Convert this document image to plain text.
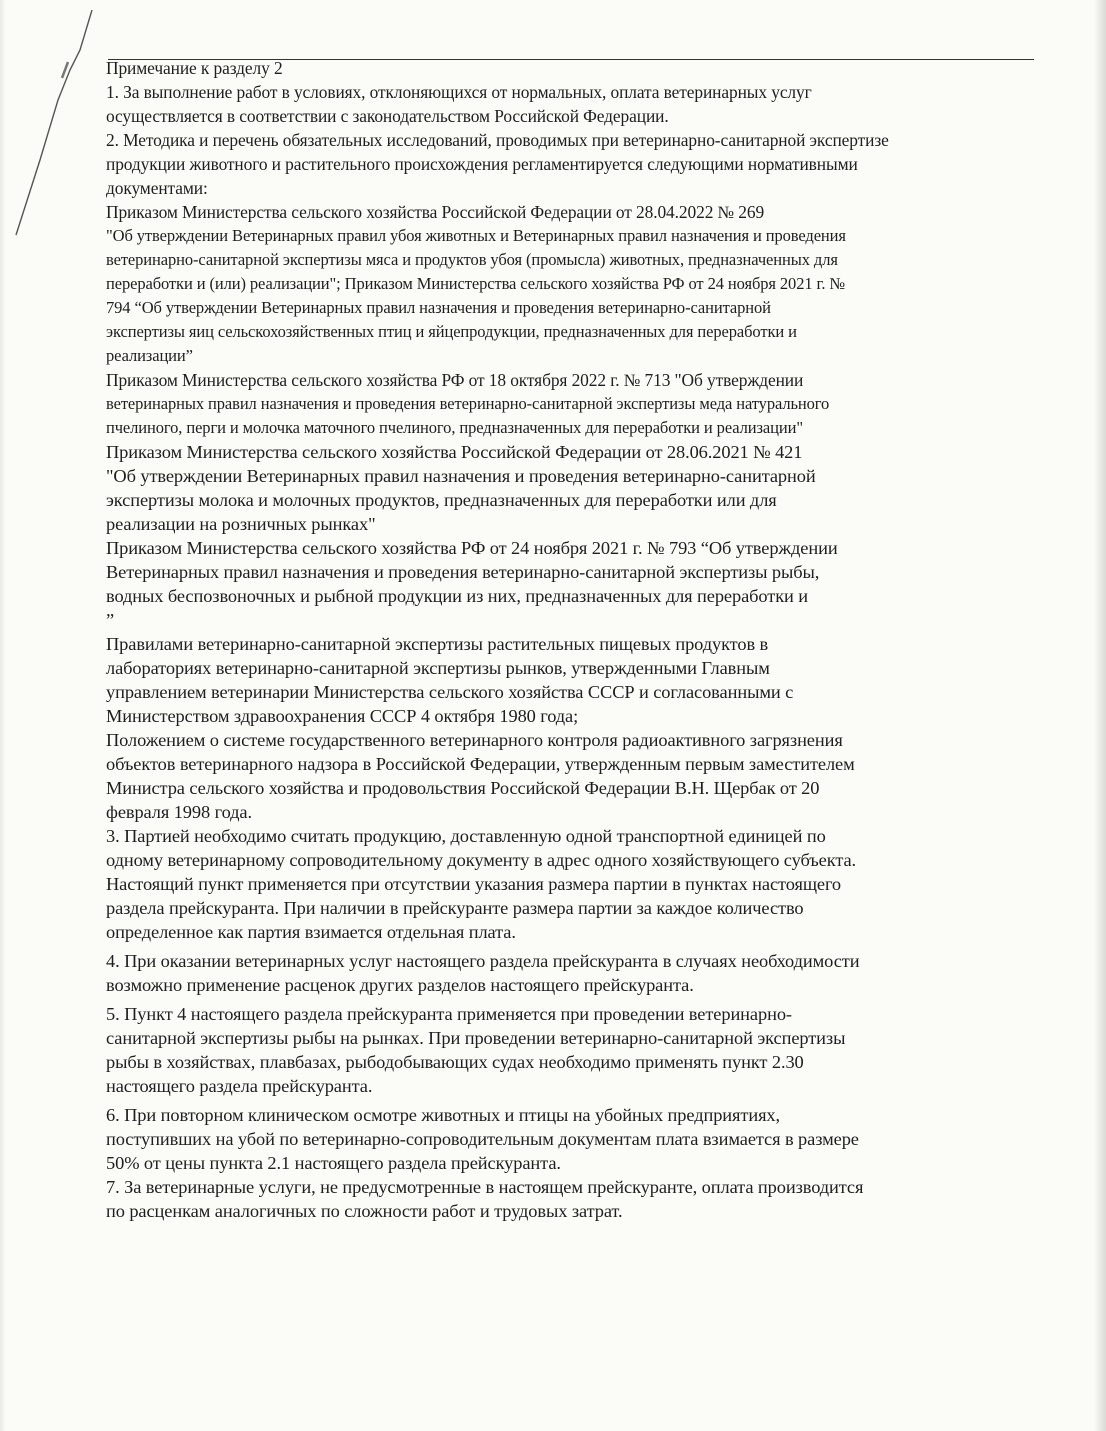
Примечание к разделу 2
1. За выполнение работ в условиях, отклоняющихся от нормальных, оплата ветеринарных услуг
осуществляется в соответствии с законодательством Российской Федерации.
2. Методика и перечень обязательных исследований, проводимых при ветеринарно-санитарной экспертизе
продукции животного и растительного происхождения регламентируется следующими нормативными
документами:
Приказом Министерства сельского хозяйства Российской Федерации от 28.04.2022 № 269
"Об утверждении Ветеринарных правил убоя животных и Ветеринарных правил назначения и проведения
ветеринарно-санитарной экспертизы мяса и продуктов убоя (промысла) животных, предназначенных для
переработки и (или) реализации"; Приказом Министерства сельского хозяйства РФ от 24 ноября 2021 г. №
794 “Об утверждении Ветеринарных правил назначения и проведения ветеринарно-санитарной
экспертизы яиц сельскохозяйственных птиц и яйцепродукции, предназначенных для переработки и
реализации”
Приказом Министерства сельского хозяйства РФ от 18 октября 2022 г. № 713 "Об утверждении
ветеринарных правил назначения и проведения ветеринарно-санитарной экспертизы меда натурального
пчелиного, перги и молочка маточного пчелиного, предназначенных для переработки и реализации"
Приказом Министерства сельского хозяйства Российской Федерации от 28.06.2021 № 421
"Об утверждении Ветеринарных правил назначения и проведения ветеринарно-санитарной
экспертизы молока и молочных продуктов, предназначенных для переработки или для
реализации на розничных рынках"
Приказом Министерства сельского хозяйства РФ от 24 ноября 2021 г. № 793 “Об утверждении
Ветеринарных правил назначения и проведения ветеринарно-санитарной экспертизы рыбы,
водных беспозвоночных и рыбной продукции из них, предназначенных для переработки и
”
Правилами ветеринарно-санитарной экспертизы растительных пищевых продуктов в
лабораториях ветеринарно-санитарной экспертизы рынков, утвержденными Главным
управлением ветеринарии Министерства сельского хозяйства СССР и согласованными с
Министерством здравоохранения СССР 4 октября 1980 года;
Положением о системе государственного ветеринарного контроля радиоактивного загрязнения
объектов ветеринарного надзора в Российской Федерации, утвержденным первым заместителем
Министра сельского хозяйства и продовольствия Российской Федерации В.Н. Щербак от 20
февраля 1998 года.
3. Партией необходимо считать продукцию, доставленную одной транспортной единицей по
одному ветеринарному сопроводительному документу в адрес одного хозяйствующего субъекта.
Настоящий пункт применяется при отсутствии указания размера партии в пунктах настоящего
раздела прейскуранта. При наличии в прейскуранте размера партии за каждое количество
определенное как партия взимается отдельная плата.
4. При оказании ветеринарных услуг настоящего раздела прейскуранта в случаях необходимости
возможно применение расценок других разделов настоящего прейскуранта.
5. Пункт 4 настоящего раздела прейскуранта применяется при проведении ветеринарно-
санитарной экспертизы рыбы на рынках. При проведении ветеринарно-санитарной экспертизы
рыбы в хозяйствах, плавбазах, рыбодобывающих судах необходимо применять пункт 2.30
настоящего раздела прейскуранта.
6. При повторном клиническом осмотре животных и птицы на убойных предприятиях,
поступивших на убой по ветеринарно-сопроводительным документам плата взимается в размере
50% от цены пункта 2.1 настоящего раздела прейскуранта.
7. За ветеринарные услуги, не предусмотренные в настоящем прейскуранте, оплата производится
по расценкам аналогичных по сложности работ и трудовых затрат.
